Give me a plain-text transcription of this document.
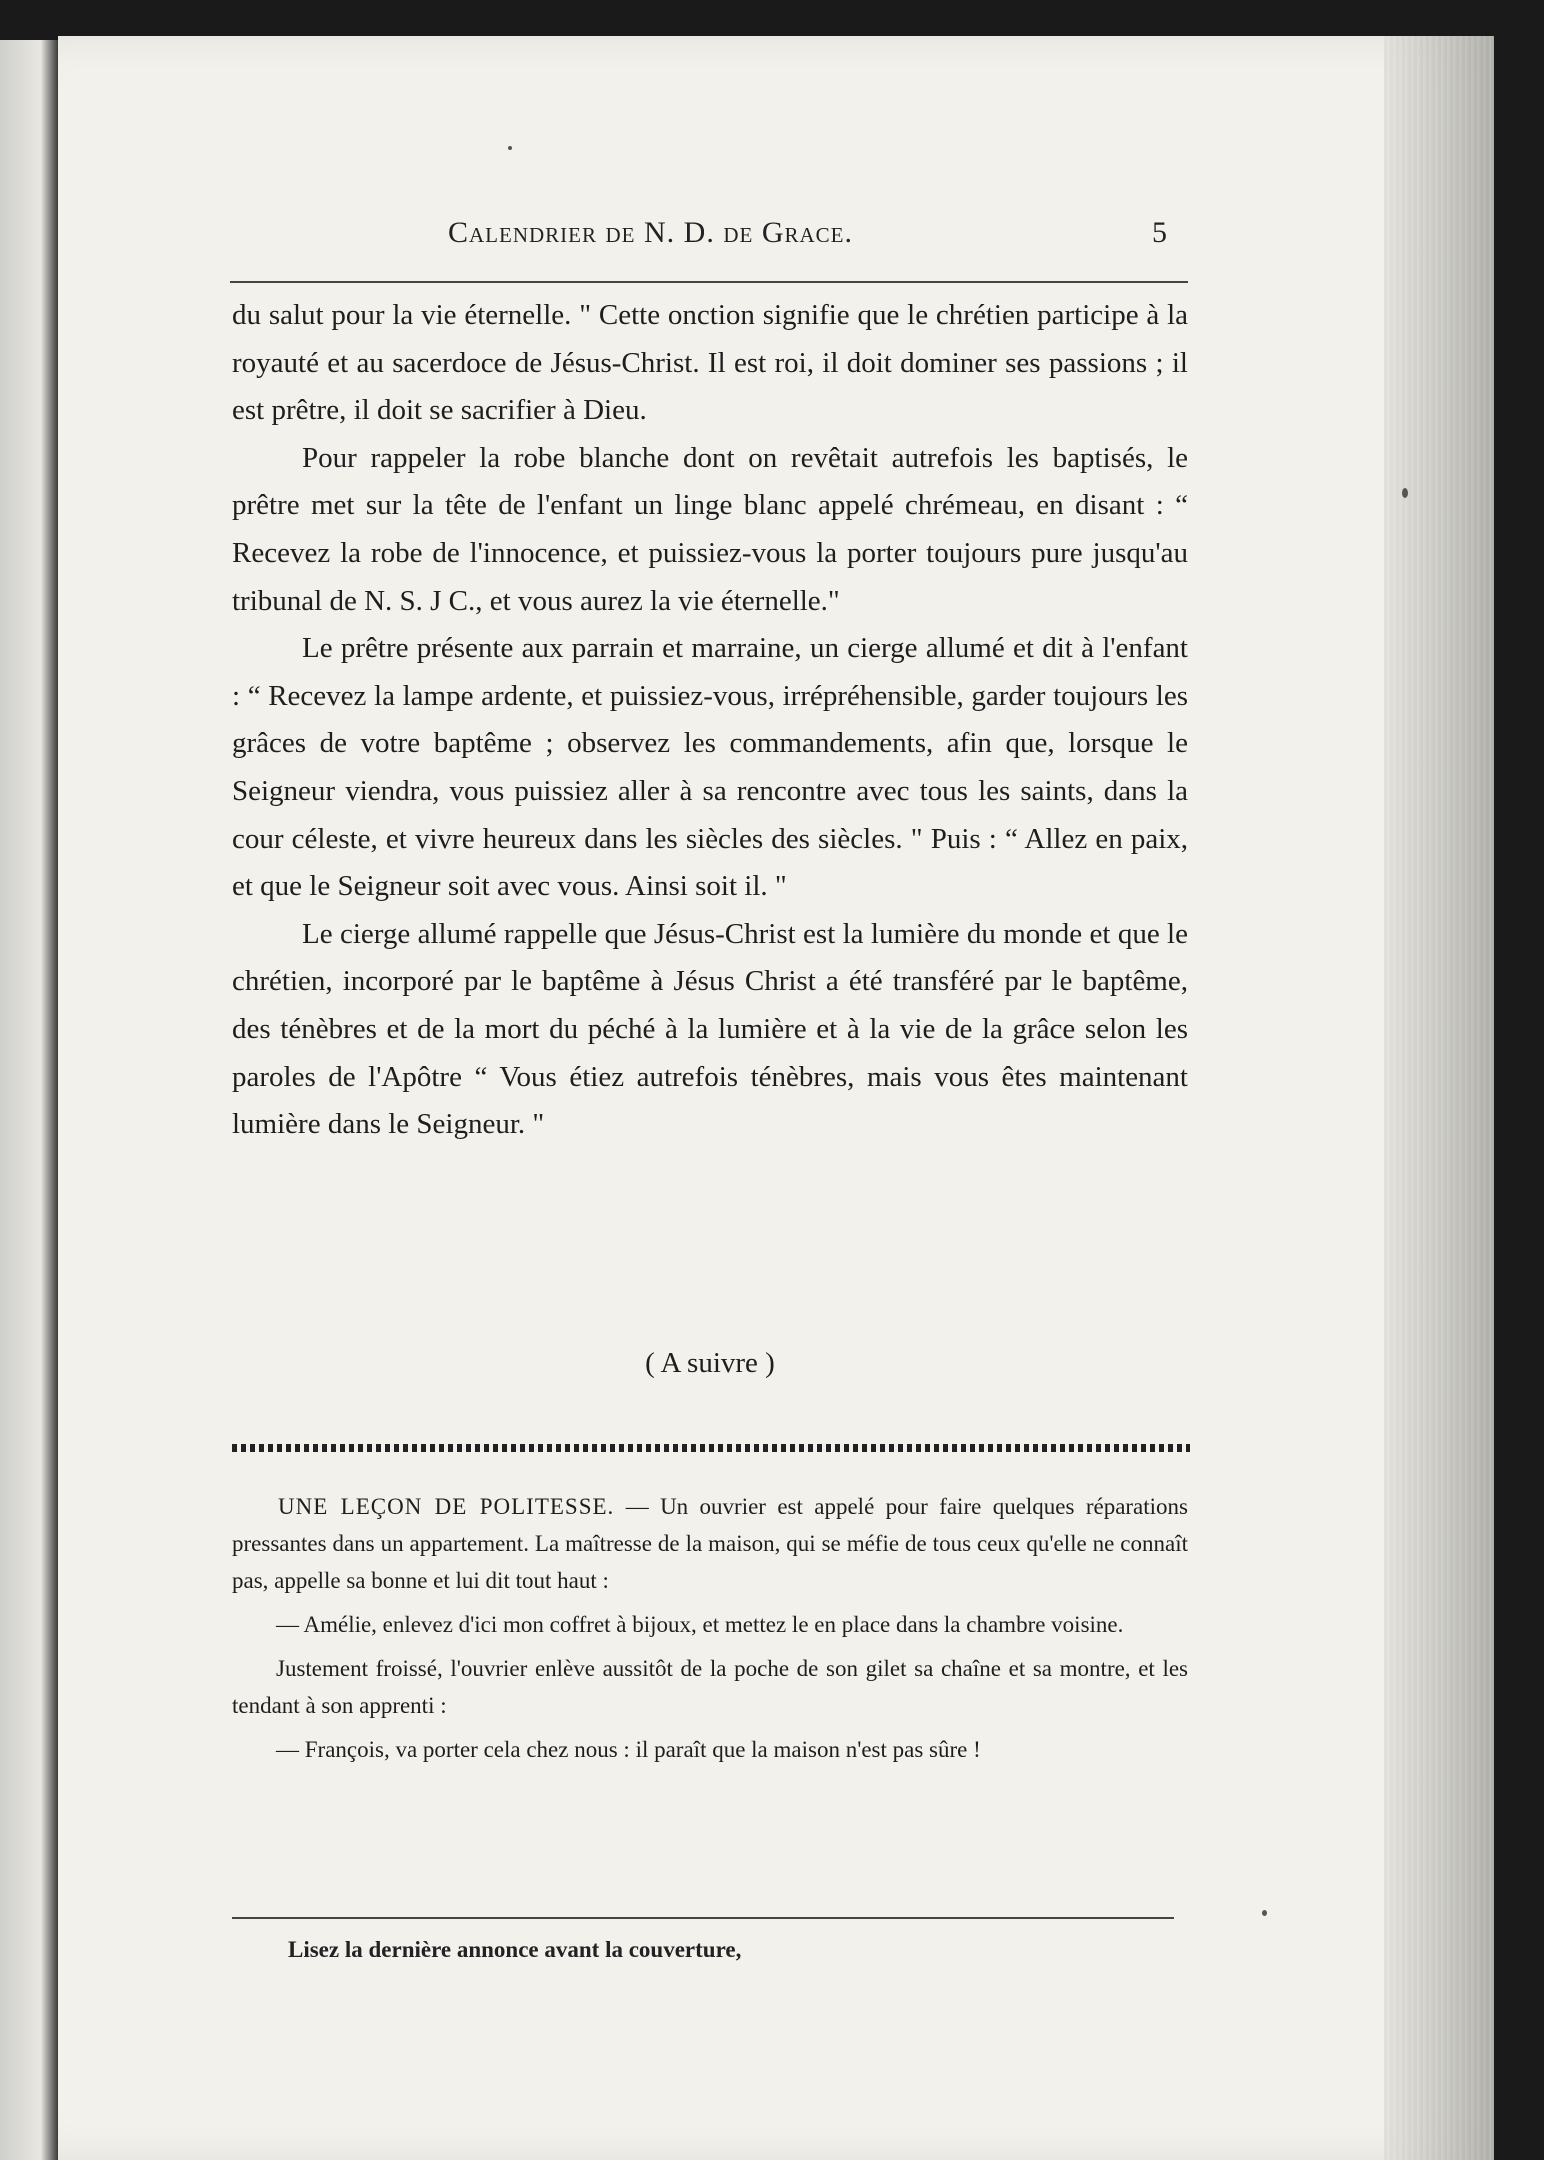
Calendrier de N. D. de Grace.	5

du salut pour la vie éternelle. " Cette onction signifie que le chrétien participe à la royauté et au sacerdoce de Jésus-Christ. Il est roi, il doit dominer ses passions ; il est prêtre, il doit se sacrifier à Dieu.

Pour rappeler la robe blanche dont on revêtait autrefois les baptisés, le prêtre met sur la tête de l'enfant un linge blanc appelé chrémeau, en disant : “ Recevez la robe de l'innocence, et puissiez-vous la porter toujours pure jusqu'au tribunal de N. S. J C., et vous aurez la vie éternelle."

Le prêtre présente aux parrain et marraine, un cierge allumé et dit à l'enfant : “ Recevez la lampe ardente, et puissiez-vous, irrépréhensible, garder toujours les grâces de votre baptême ; observez les commandements, afin que, lorsque le Seigneur viendra, vous puissiez aller à sa rencontre avec tous les saints, dans la cour céleste, et vivre heureux dans les siècles des siècles. " Puis : “ Allez en paix, et que le Seigneur soit avec vous. Ainsi soit il. "

Le cierge allumé rappelle que Jésus-Christ est la lumière du monde et que le chrétien, incorporé par le baptême à Jésus Christ a été transféré par le baptême, des ténèbres et de la mort du péché à la lumière et à la vie de la grâce selon les paroles de l'Apôtre “ Vous étiez autrefois ténèbres, mais vous êtes maintenant lumière dans le Seigneur. "

( A suivre )

UNE LEÇON DE POLITESSE. — Un ouvrier est appelé pour faire quelques réparations pressantes dans un appartement. La maîtresse de la maison, qui se méfie de tous ceux qu'elle ne connaît pas, appelle sa bonne et lui dit tout haut :

— Amélie, enlevez d'ici mon coffret à bijoux, et mettez le en place dans la chambre voisine.

Justement froissé, l'ouvrier enlève aussitôt de la poche de son gilet sa chaîne et sa montre, et les tendant à son apprenti :

— François, va porter cela chez nous : il paraît que la maison n'est pas sûre !

Lisez la dernière annonce avant la couverture,
